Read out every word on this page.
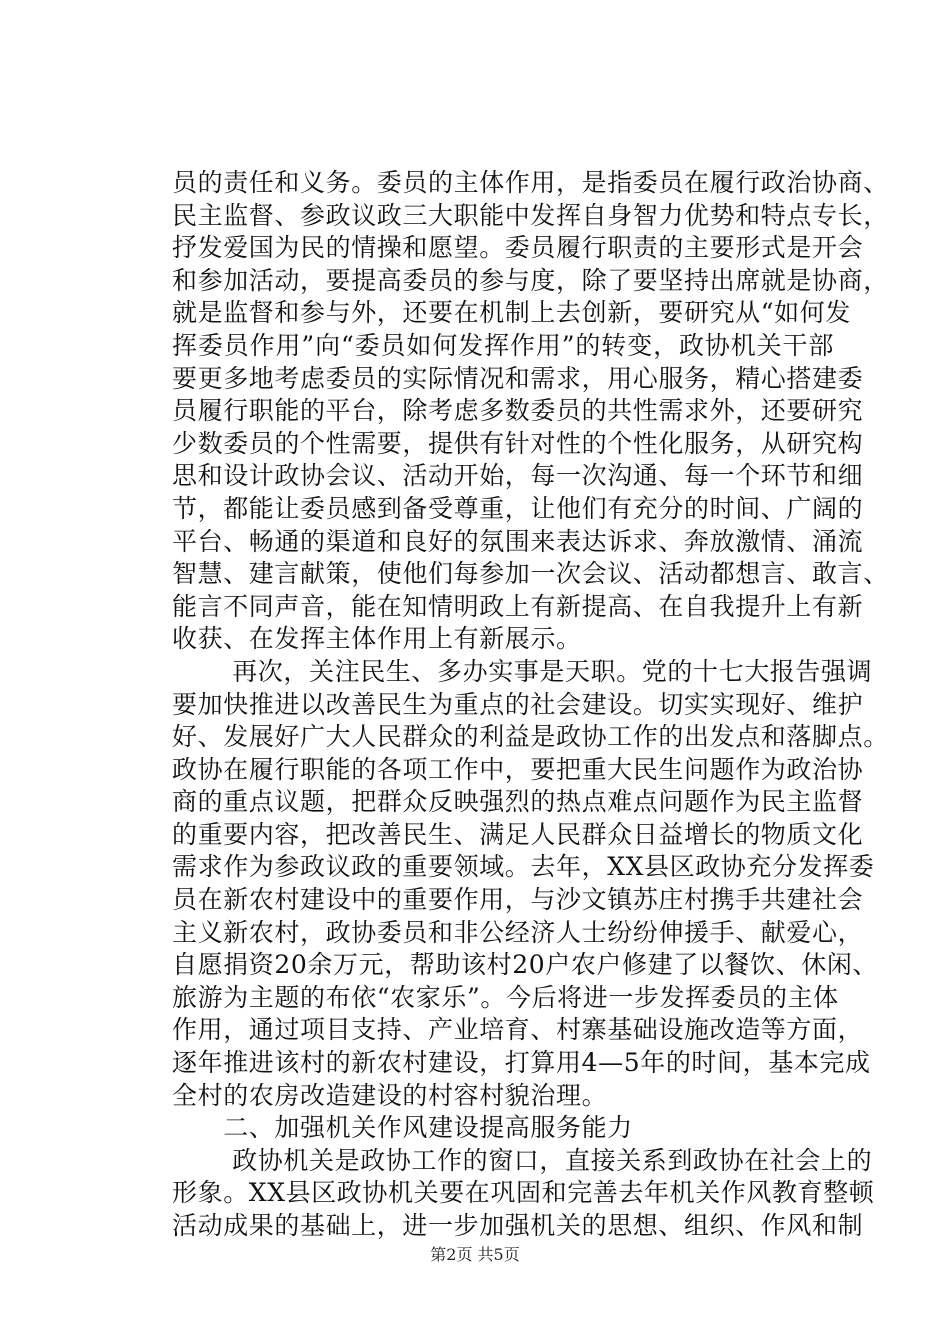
员的责任和义务。委员的主体作用，是指委员在履行政治协商、
民主监督、参政议政三大职能中发挥自身智力优势和特点专长，
抒发爱国为民的情操和愿望。委员履行职责的主要形式是开会
和参加活动，要提高委员的参与度，除了要坚持出席就是协商，
就是监督和参与外，还要在机制上去创新，要研究从“如何发
挥委员作用”向“委员如何发挥作用”的转变，政协机关干部
要更多地考虑委员的实际情况和需求，用心服务，精心搭建委
员履行职能的平台，除考虑多数委员的共性需求外，还要研究
少数委员的个性需要，提供有针对性的个性化服务，从研究构
思和设计政协会议、活动开始，每一次沟通、每一个环节和细
节，都能让委员感到备受尊重，让他们有充分的时间、广阔的
平台、畅通的渠道和良好的氛围来表达诉求、奔放激情、涌流
智慧、建言献策，使他们每参加一次会议、活动都想言、敢言、
能言不同声音，能在知情明政上有新提高、在自我提升上有新
收获、在发挥主体作用上有新展示。
　　再次，关注民生、多办实事是天职。党的十七大报告强调
要加快推进以改善民生为重点的社会建设。切实实现好、维护
好、发展好广大人民群众的利益是政协工作的出发点和落脚点。
政协在履行职能的各项工作中，要把重大民生问题作为政治协
商的重点议题，把群众反映强烈的热点难点问题作为民主监督
的重要内容，把改善民生、满足人民群众日益增长的物质文化
需求作为参政议政的重要领域。去年，XX县区政协充分发挥委
员在新农村建设中的重要作用，与沙文镇苏庄村携手共建社会
主义新农村，政协委员和非公经济人士纷纷伸援手、献爱心，
自愿捐资20余万元，帮助该村20户农户修建了以餐饮、休闲、
旅游为主题的布依“农家乐”。今后将进一步发挥委员的主体
作用，通过项目支持、产业培育、村寨基础设施改造等方面，
逐年推进该村的新农村建设，打算用4—5年的时间，基本完成
全村的农房改造建设的村容村貌治理。
　　二、加强机关作风建设提高服务能力
　　政协机关是政协工作的窗口，直接关系到政协在社会上的
形象。XX县区政协机关要在巩固和完善去年机关作风教育整顿
活动成果的基础上，进一步加强机关的思想、组织、作风和制
第2页 共5页
